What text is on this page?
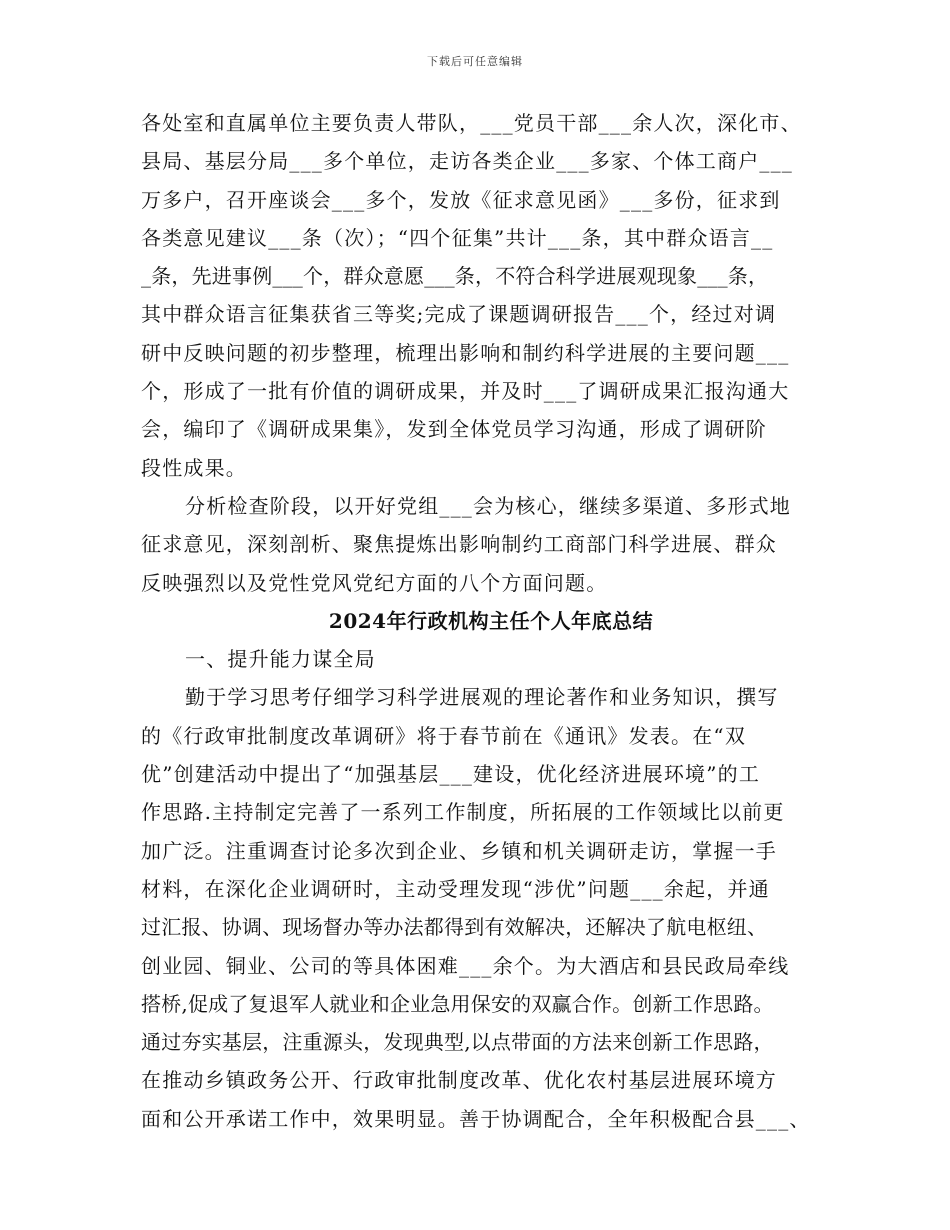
下载后可任意编辑
各处室和直属单位主要负责人带队，___党员干部___余人次，深化市、
县局、基层分局___多个单位，走访各类企业___多家、个体工商户___
万多户，召开座谈会___多个，发放《征求意见函》___多份，征求到
各类意见建议___条（次）；“四个征集”共计___条，其中群众语言__
_条，先进事例___个，群众意愿___条，不符合科学进展观现象___条，
其中群众语言征集获省三等奖;完成了课题调研报告___个，经过对调
研中反映问题的初步整理，梳理出影响和制约科学进展的主要问题___
个，形成了一批有价值的调研成果，并及时___了调研成果汇报沟通大
会，编印了《调研成果集》，发到全体党员学习沟通，形成了调研阶
段性成果。
分析检查阶段，以开好党组___会为核心，继续多渠道、多形式地
征求意见，深刻剖析、聚焦提炼出影响制约工商部门科学进展、群众
反映强烈以及党性党风党纪方面的八个方面问题。
2024年行政机构主任个人年底总结
一、提升能力谋全局
勤于学习思考仔细学习科学进展观的理论著作和业务知识，撰写
的《行政审批制度改革调研》将于春节前在《通讯》发表。在“双
优”创建活动中提出了“加强基层___建设，优化经济进展环境”的工
作思路.主持制定完善了一系列工作制度，所拓展的工作领域比以前更
加广泛。注重调查讨论多次到企业、乡镇和机关调研走访，掌握一手
材料，在深化企业调研时，主动受理发现“涉优”问题___余起，并通
过汇报、协调、现场督办等办法都得到有效解决，还解决了航电枢纽、
创业园、铜业、公司的等具体困难___余个。为大酒店和县民政局牵线
搭桥,促成了复退军人就业和企业急用保安的双赢合作。创新工作思路。
通过夯实基层，注重源头，发现典型,以点带面的方法来创新工作思路，
在推动乡镇政务公开、行政审批制度改革、优化农村基层进展环境方
面和公开承诺工作中，效果明显。善于协调配合，全年积极配合县___、
